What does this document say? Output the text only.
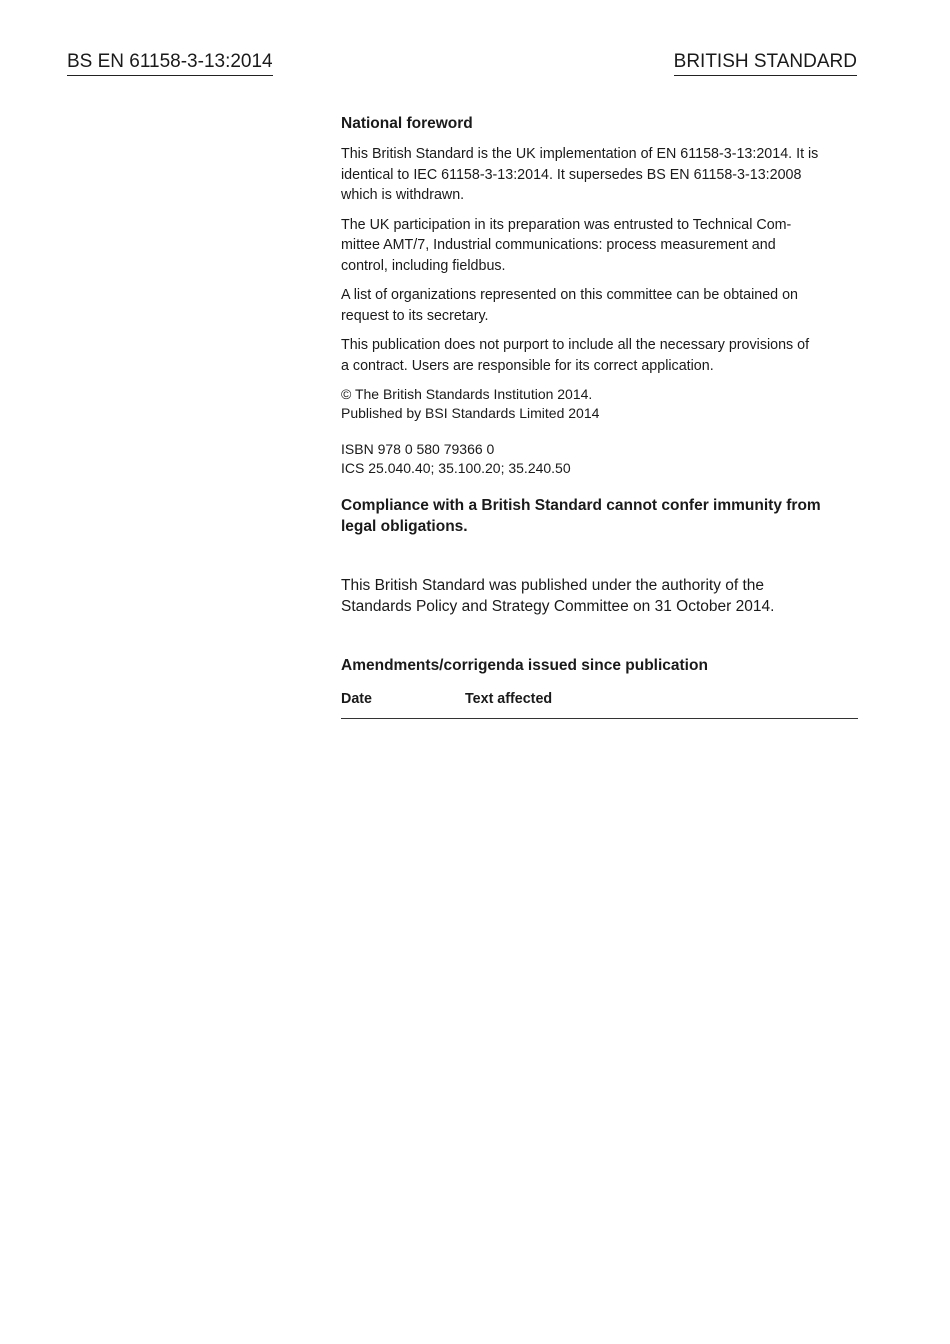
BS EN 61158-3-13:2014	BRITISH STANDARD
National foreword
This British Standard is the UK implementation of EN 61158-3-13:2014. It is
identical to IEC 61158-3-13:2014. It supersedes BS EN 61158-3-13:2008
which is withdrawn.
The UK participation in its preparation was entrusted to Technical Com-
mittee AMT/7, Industrial communications: process measurement and
control, including fieldbus.
A list of organizations represented on this committee can be obtained on
request to its secretary.
This publication does not purport to include all the necessary provisions of
a contract. Users are responsible for its correct application.
© The British Standards Institution 2014.
Published by BSI Standards Limited 2014
ISBN 978 0 580 79366 0
ICS 25.040.40; 35.100.20; 35.240.50
Compliance with a British Standard cannot confer immunity from
legal obligations.
This British Standard was published under the authority of the
Standards Policy and Strategy Committee on 31 October 2014.
Amendments/corrigenda issued since publication
Date	Text affected
